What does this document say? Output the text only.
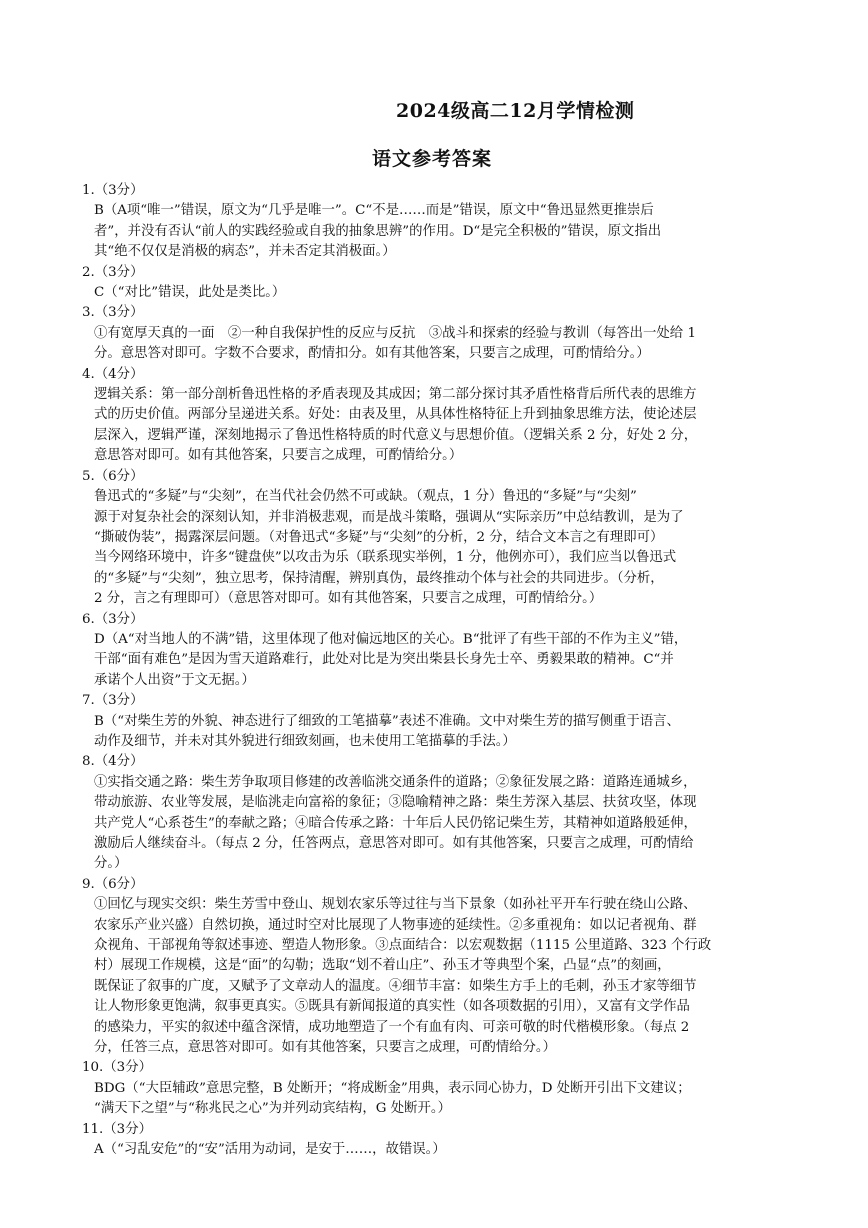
2024级高二12月学情检测
语文参考答案
1.（3分）
B（A项“唯一”错误，原文为“几乎是唯一”。C“不是……而是”错误，原文中“鲁迅显然更推崇后
者”，并没有否认“前人的实践经验或自我的抽象思辨”的作用。D“是完全积极的”错误，原文指出
其“绝不仅仅是消极的病态”，并未否定其消极面。）
2.（3分）
C（“对比”错误，此处是类比。）
3.（3分）
①有宽厚天真的一面　②一种自我保护性的反应与反抗　③战斗和探索的经验与教训（每答出一处给 1
分。意思答对即可。字数不合要求，酌情扣分。如有其他答案，只要言之成理，可酌情给分。）
4.（4分）
逻辑关系：第一部分剖析鲁迅性格的矛盾表现及其成因；第二部分探讨其矛盾性格背后所代表的思维方
式的历史价值。两部分呈递进关系。好处：由表及里，从具体性格特征上升到抽象思维方法，使论述层
层深入，逻辑严谨，深刻地揭示了鲁迅性格特质的时代意义与思想价值。（逻辑关系 2 分，好处 2 分，
意思答对即可。如有其他答案，只要言之成理，可酌情给分。）
5.（6分）
鲁迅式的“多疑”与“尖刻”，在当代社会仍然不可或缺。（观点，1 分）鲁迅的“多疑”与“尖刻”
源于对复杂社会的深刻认知，并非消极悲观，而是战斗策略，强调从“实际亲历”中总结教训，是为了
“撕破伪装”，揭露深层问题。（对鲁迅式“多疑”与“尖刻”的分析，2 分，结合文本言之有理即可）
当今网络环境中，许多“键盘侠”以攻击为乐（联系现实举例，1 分，他例亦可），我们应当以鲁迅式
的“多疑”与“尖刻”，独立思考，保持清醒，辨别真伪，最终推动个体与社会的共同进步。（分析，
2 分，言之有理即可）（意思答对即可。如有其他答案，只要言之成理，可酌情给分。）
6.（3分）
D（A“对当地人的不满”错，这里体现了他对偏远地区的关心。B“批评了有些干部的不作为主义”错，
干部“面有难色”是因为雪天道路难行，此处对比是为突出柴县长身先士卒、勇毅果敢的精神。C“并
承诺个人出资”于文无据。）
7.（3分）
B（“对柴生芳的外貌、神态进行了细致的工笔描摹”表述不准确。文中对柴生芳的描写侧重于语言、
动作及细节，并未对其外貌进行细致刻画，也未使用工笔描摹的手法。）
8.（4分）
①实指交通之路：柴生芳争取项目修建的改善临洮交通条件的道路；②象征发展之路：道路连通城乡，
带动旅游、农业等发展，是临洮走向富裕的象征；③隐喻精神之路：柴生芳深入基层、扶贫攻坚，体现
共产党人“心系苍生”的奉献之路；④暗合传承之路：十年后人民仍铭记柴生芳，其精神如道路般延伸，
激励后人继续奋斗。（每点 2 分，任答两点，意思答对即可。如有其他答案，只要言之成理，可酌情给
分。）
9.（6分）
①回忆与现实交织：柴生芳雪中登山、规划农家乐等过往与当下景象（如孙社平开车行驶在绕山公路、
农家乐产业兴盛）自然切换，通过时空对比展现了人物事迹的延续性。②多重视角：如以记者视角、群
众视角、干部视角等叙述事迹、塑造人物形象。③点面结合：以宏观数据（1115 公里道路、323 个行政
村）展现工作规模，这是“面”的勾勒；选取“划不着山庄”、孙玉才等典型个案，凸显“点”的刻画，
既保证了叙事的广度，又赋予了文章动人的温度。④细节丰富：如柴生方手上的毛刺，孙玉才家等细节
让人物形象更饱满，叙事更真实。⑤既具有新闻报道的真实性（如各项数据的引用），又富有文学作品
的感染力，平实的叙述中蕴含深情，成功地塑造了一个有血有肉、可亲可敬的时代楷模形象。（每点 2
分，任答三点，意思答对即可。如有其他答案，只要言之成理，可酌情给分。）
10.（3分）
BDG（“大臣辅政”意思完整，B 处断开；“将成断金”用典，表示同心协力，D 处断开引出下文建议；
“满天下之望”与“称兆民之心”为并列动宾结构，G 处断开。）
11.（3分）
A（“习乱安危”的“安”活用为动词，是安于……，故错误。）
